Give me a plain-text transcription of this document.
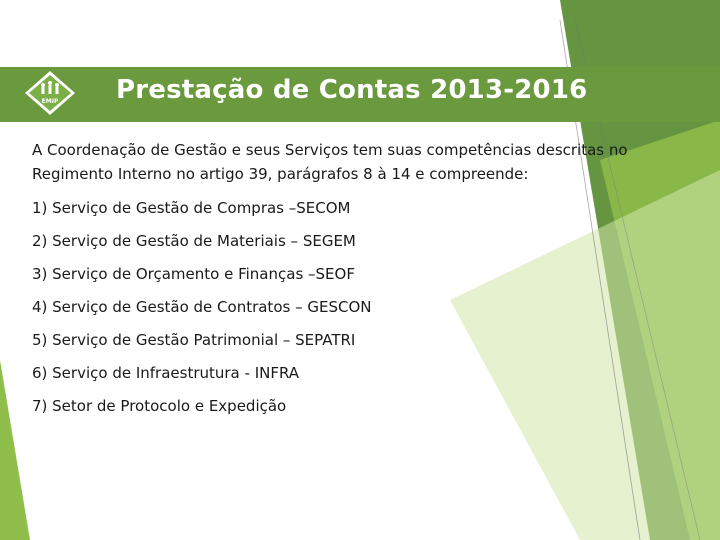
EMIP Prestação de Contas 2013-2016

A Coordenação de Gestão e seus Serviços tem suas competências descritas no Regimento Interno no artigo 39, parágrafos 8 à 14 e compreende:

1) Serviço de Gestão de Compras –SECOM
2) Serviço de Gestão de Materiais – SEGEM
3) Serviço de Orçamento e Finanças –SEOF
4) Serviço de Gestão de Contratos – GESCON
5) Serviço de Gestão Patrimonial – SEPATRI
6) Serviço de Infraestrutura - INFRA
7) Setor de Protocolo e Expedição
